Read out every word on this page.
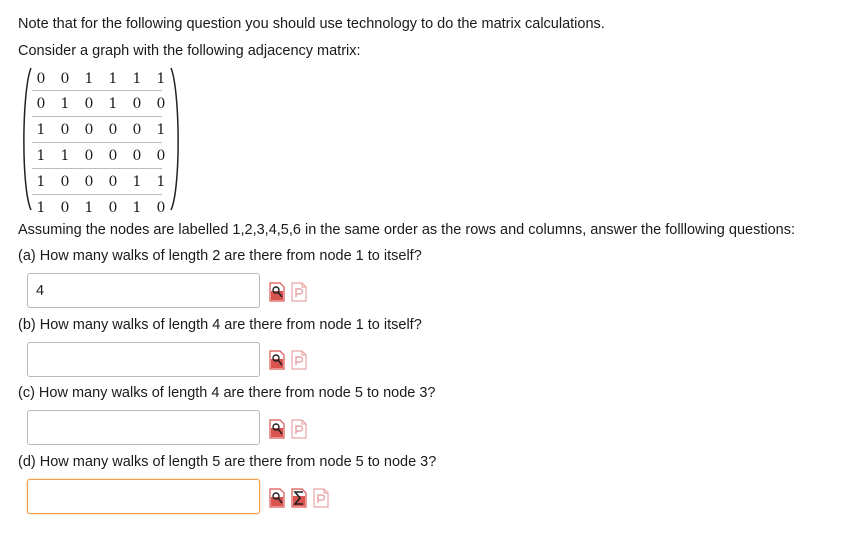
Note that for the following question you should use technology to do the matrix calculations.
Consider a graph with the following adjacency matrix:
0	0	1	1	1	1
0	1	0	1	0	0
1	0	0	0	0	1
1	1	0	0	0	0
1	0	0	0	1	1
1	0	1	0	1	0
Assuming the nodes are labelled 1,2,3,4,5,6 in the same order as the rows and columns, answer the folllowing questions:
(a) How many walks of length 2 are there from node 1 to itself?
4
(b) How many walks of length 4 are there from node 1 to itself?
(c) How many walks of length 4 are there from node 5 to node 3?
(d) How many walks of length 5 are there from node 5 to node 3?
